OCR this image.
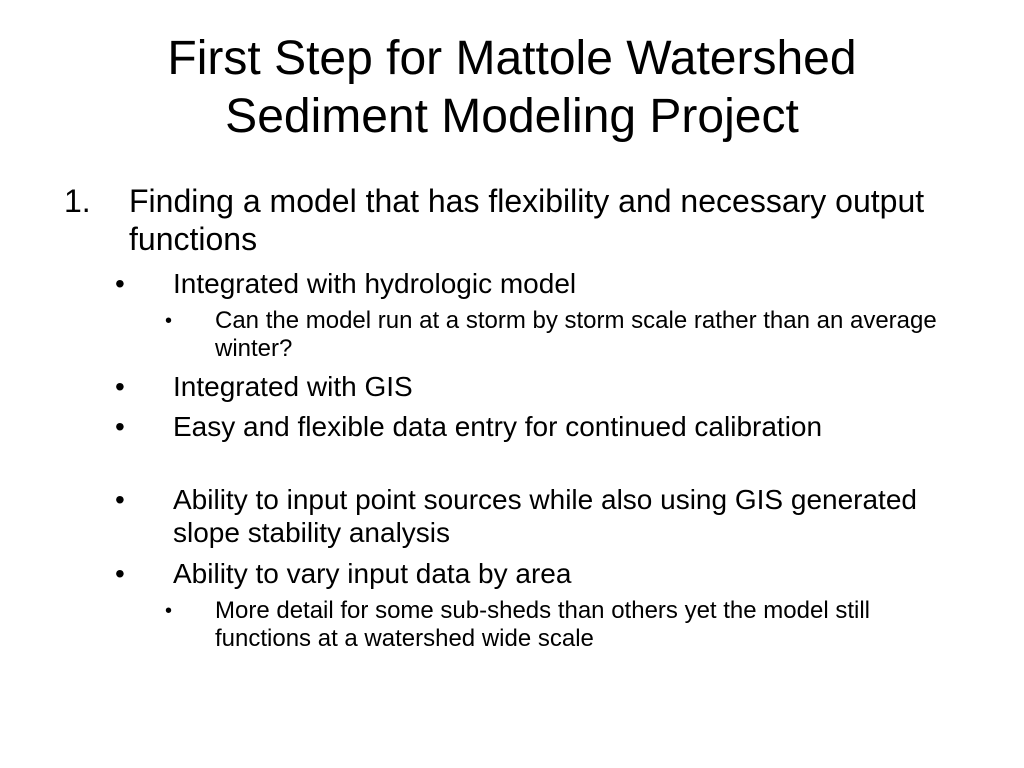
First Step for Mattole Watershed
Sediment Modeling Project
1.	Finding a model that has flexibility and necessary output functions
•	Integrated with hydrologic model
•	Can the model run at a storm by storm scale rather than an average winter?
•	Integrated with GIS
•	Easy and flexible data entry for continued calibration
•	Ability to input point sources while also using GIS generated slope stability analysis
•	Ability to vary input data by area
•	More detail for some sub-sheds than others yet the model still functions at a watershed wide scale
